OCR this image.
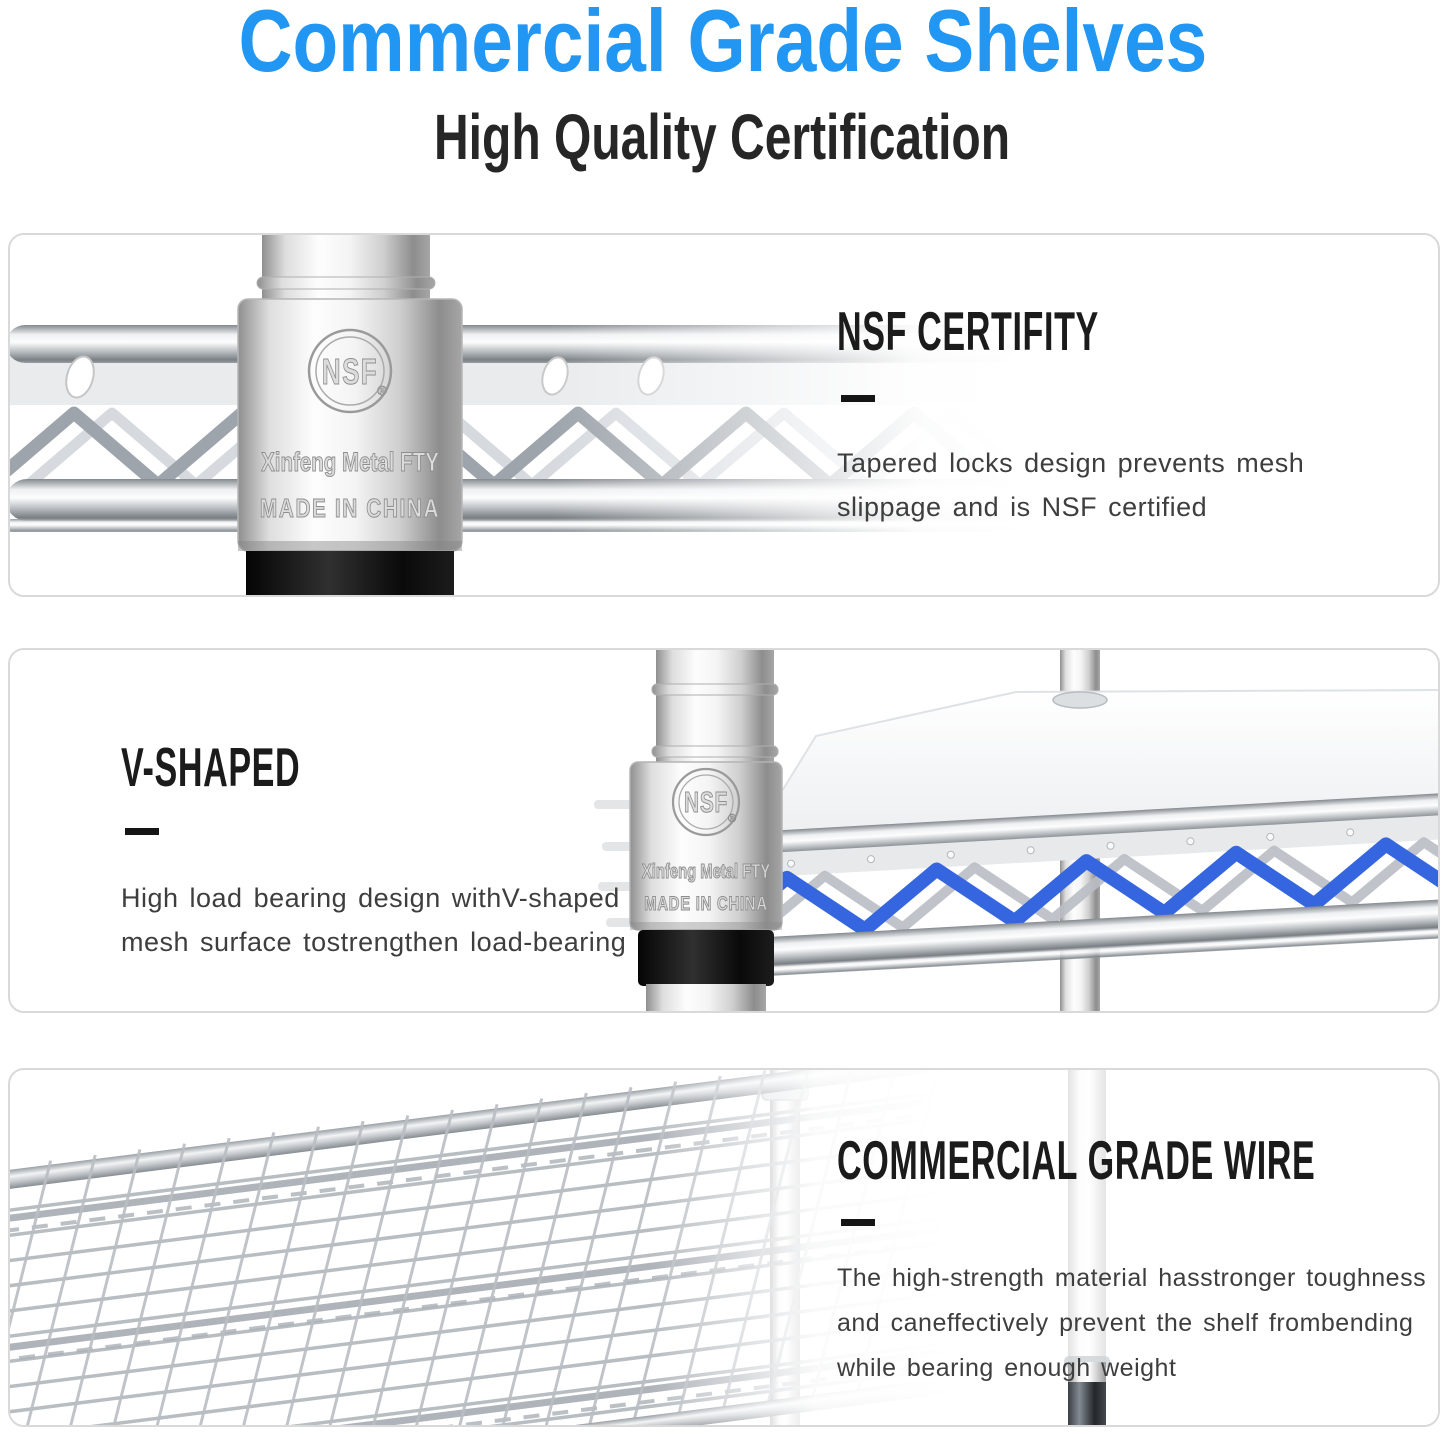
Commercial Grade Shelves
High Quality Certification
NSF ®
Xinfeng Metal FTY
MADE IN CHINA
NSF CERTIFITY
Tapered locks design prevents mesh
slippage and is NSF certified
NSF
®
Xinfeng Metal FTY
MADE IN CHINA
V-SHAPED
High load bearing design withV-shaped
mesh surface tostrengthen load-bearing
COMMERCIAL GRADE WIRE
The high-strength material hasstronger toughness
and caneffectively prevent the shelf frombending
while bearing enough weight
